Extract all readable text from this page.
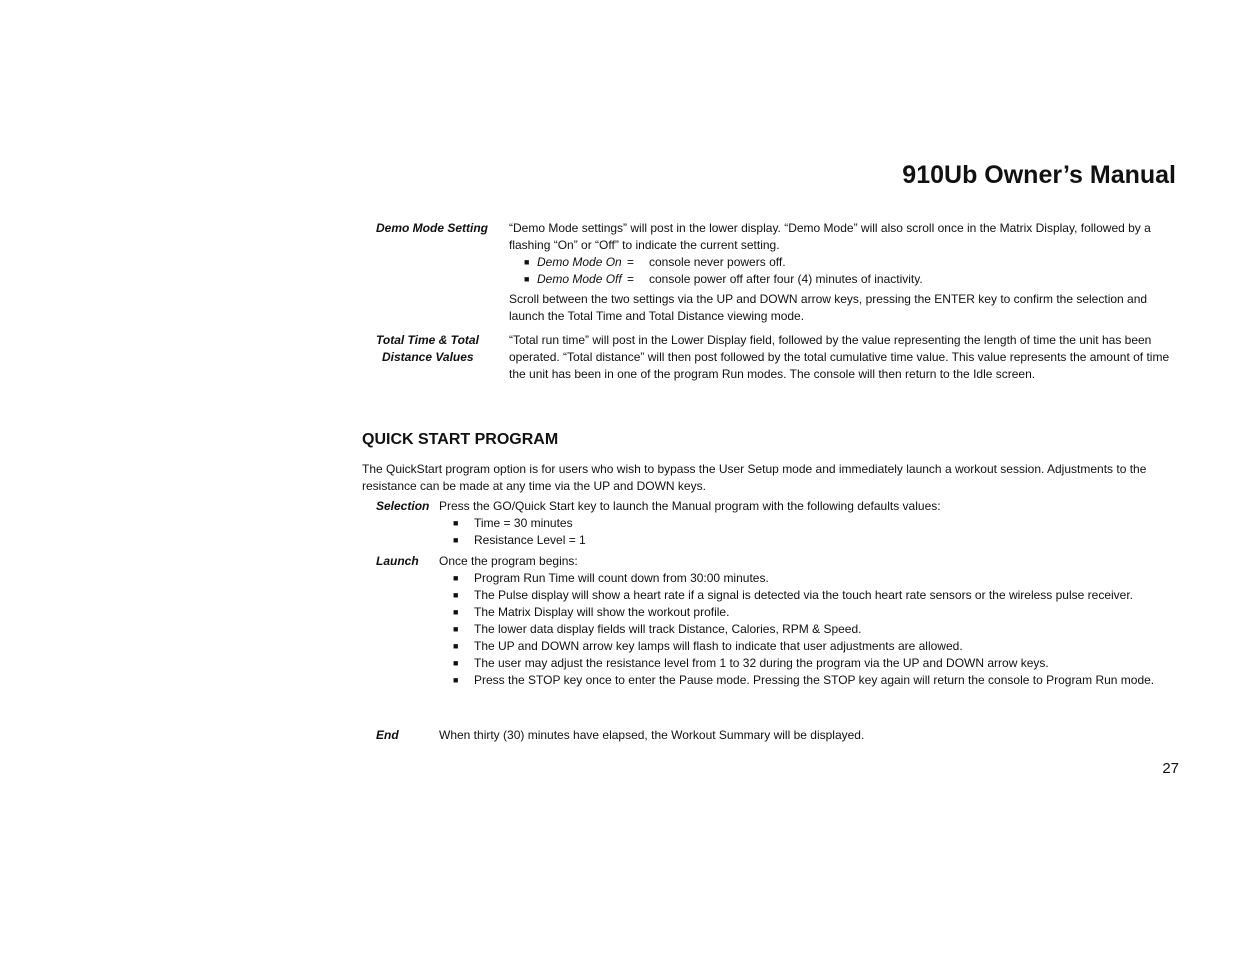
910Ub Owner’s Manual
Demo Mode Setting	“Demo Mode settings” will post in the lower display. “Demo Mode” will also scroll once in the Matrix Display, followed by a flashing “On” or “Off” to indicate the current setting.

■ Demo Mode On = console never powers off.
■ Demo Mode Off = console power off after four (4) minutes of inactivity.

Scroll between the two settings via the UP and DOWN arrow keys, pressing the ENTER key to confirm the selection and launch the Total Time and Total Distance viewing mode.

Total Time & Total
Distance Values

“Total run time” will post in the Lower Display field, followed by the value representing the length of time the unit has been operated. “Total distance” will then post followed by the total cumulative time value. This value represents the amount of time the unit has been in one of the program Run modes. The console will then return to the Idle screen.

QUICK START PROGRAM
The QuickStart program option is for users who wish to bypass the User Setup mode and immediately launch a workout session. Adjustments to the resistance can be made at any time via the UP and DOWN keys.
Selection Press the GO/Quick Start key to launch the Manual program with the following defaults values:

■ Time = 30 minutes
■ Resistance Level = 1
Launch Once the program begins:

■ Program Run Time will count down from 30:00 minutes.
■ The Pulse display will show a heart rate if a signal is detected via the touch heart rate sensors or the wireless pulse receiver.
■ The Matrix Display will show the workout profile.
■ The lower data display fields will track Distance, Calories, RPM & Speed.
■ The UP and DOWN arrow key lamps will flash to indicate that user adjustments are allowed.
■ The user may adjust the resistance level from 1 to 32 during the program via the UP and DOWN arrow keys.
■ Press the STOP key once to enter the Pause mode. Pressing the STOP key again will return the console to Program Run mode.
End	When thirty (30) minutes have elapsed, the Workout Summary will be displayed.

27
